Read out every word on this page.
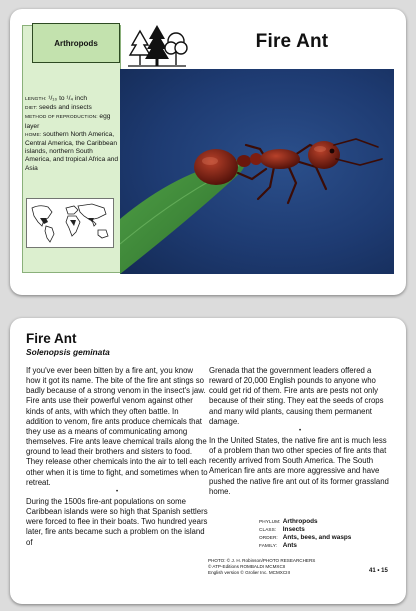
Arthropods	Fire Ant
LENGTH: ¹/₁₀ to ¹/₄ inch
DIET: seeds and insects
METHOD OF REPRODUCTION: egg layer
HOME: southern North America, Central America, the Caribbean islands, northern South America, and tropical Africa and Asia
Fire Ant
Solenopsis geminata

If you've ever been bitten by a fire ant, you know how it got its name. The bite of the fire ant stings so badly because of a strong venom in the insect's jaw. Fire ants use their powerful venom against other kinds of ants, with which they often battle. In addition to venom, fire ants produce chemicals that they use as a means of communicating among themselves. Fire ants leave chemical trails along the ground to lead their brothers and sisters to food. They release other chemicals into the air to tell each other when it is time to fight, and sometimes when to retreat.

•

During the 1500s fire-ant populations on some Caribbean islands were so high that Spanish settlers were forced to flee in their boats. Two hundred years later, fire ants became such a problem on the island of

Grenada that the government leaders offered a reward of 20,000 English pounds to anyone who could get rid of them. Fire ants are pests not only because of their sting. They eat the seeds of crops and many wild plants, causing them permanent damage.

•

In the United States, the native fire ant is much less of a problem than two other species of fire ants that recently arrived from South America. The South American fire ants are more aggressive and have pushed the native fire ant out of its former grassland home.

PHYLUM: Arthropods
CLASS: Insects
ORDER: Ants, bees, and wasps
FAMILY: Ants
PHOTO: © J. H. Robinson/PHOTO RESEARCHERS
© ATP-Editions ROMBALDI MCMXCII
English version © Grolier Inc. MCMXCIII	41 • 15
